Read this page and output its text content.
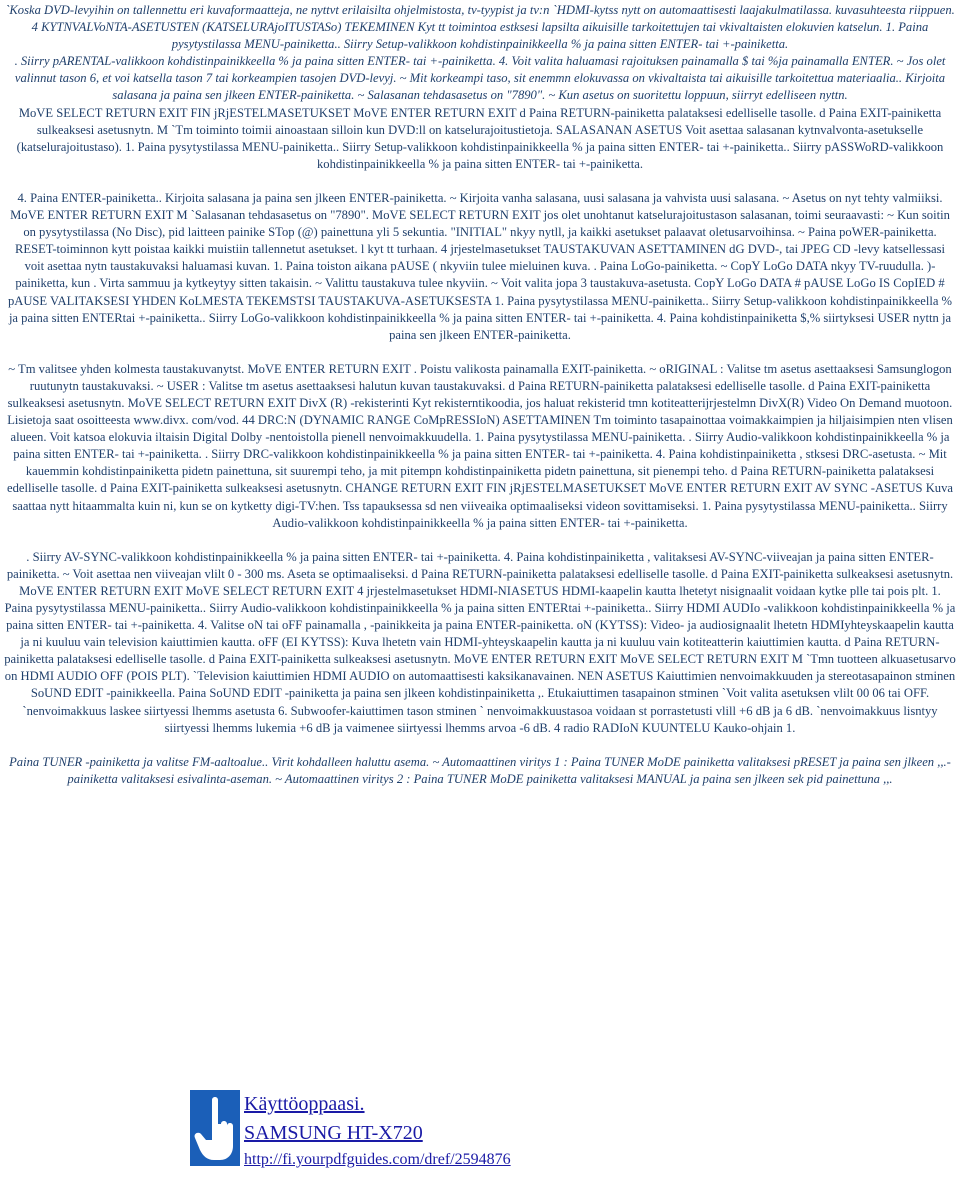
`Koska DVD-levyihin on tallennettu eri kuvaformaatteja, ne nyttvt erilaisilta ohjelmistosta, tv-tyypist ja tv:n `HDMI-kytss nytt on automaattisesti laajakulmatilassa. kuvasuhteesta riippuen. 4 KYTNVALVoNTA-ASETUSTEN (KATSELURAjoITUSTASo) TEKEMINEN Kyt tt toimintoa estksesi lapsilta aikuisille tarkoitettujen tai vkivaltaisten elokuvien katselun. 1. Paina pysytystilassa MENU-painiketta.. Siirry Setup-valikkoon kohdistinpainikkeella % ja paina sitten ENTER- tai +-painiketta.

. Siirry pARENTAL-valikkoon kohdistinpainikkeella % ja paina sitten ENTER- tai +-painiketta. 4. Voit valita haluamasi rajoituksen painamalla $ tai %ja painamalla ENTER. ~ Jos olet valinnut tason 6, et voi katsella tason 7 tai korkeampien tasojen DVD-levyj. ~ Mit korkeampi taso, sit enemmn elokuvassa on vkivaltaista tai aikuisille tarkoitettua materiaalia.. Kirjoita salasana ja paina sen jlkeen ENTER-painiketta. ~ Salasanan tehdasasetus on "7890". ~ Kun asetus on suoritettu loppuun, siirryt edelliseen nyttn.

MoVE SELECT RETURN EXIT FIN jRjESTELMASETUKSET MoVE ENTER RETURN EXIT d Paina RETURN-painiketta palataksesi edelliselle tasolle. d Paina EXIT-painiketta sulkeaksesi asetusnytn. M `Tm toiminto toimii ainoastaan silloin kun DVD:ll on katselurajoitustietoja. SALASANAN ASETUS Voit asettaa salasanan kytnvalvonta-asetukselle (katselurajoitustaso). 1. Paina pysytystilassa MENU-painiketta.. Siirry Setup-valikkoon kohdistinpainikkeella % ja paina sitten ENTER- tai +-painiketta.. Siirry pASSWoRD-valikkoon kohdistinpainikkeella % ja paina sitten ENTER- tai +-painiketta.

4. Paina ENTER-painiketta.. Kirjoita salasana ja paina sen jlkeen ENTER-painiketta. ~ Kirjoita vanha salasana, uusi salasana ja vahvista uusi salasana. ~ Asetus on nyt tehty valmiiksi. MoVE ENTER RETURN EXIT M `Salasanan tehdasasetus on "7890". MoVE SELECT RETURN EXIT jos olet unohtanut katselurajoitustason salasanan, toimi seuraavasti: ~ Kun soitin on pysytystilassa (No Disc), pid laitteen painike STop (@) painettuna yli 5 sekuntia. "INITIAL" nkyy nytll, ja kaikki asetukset palaavat oletusarvoihinsa. ~ Paina poWER-painiketta. RESET-toiminnon kytt poistaa kaikki muistiin tallennetut asetukset. l kyt tt turhaan. 4 jrjestelmasetukset TAUSTAKUVAN ASETTAMINEN dG DVD-, tai JPEG CD -levy katsellessasi voit asettaa nytn taustakuvaksi haluamasi kuvan. 1. Paina toiston aikana pAUSE ( nkyviin tulee mieluinen kuva. . Paina LoGo-painiketta. ~ CopY LoGo DATA nkyy TV-ruudulla. )-painiketta, kun . Virta sammuu ja kytkeytyy sitten takaisin. ~ Valittu taustakuva tulee nkyviin. ~ Voit valita jopa 3 taustakuva-asetusta. CopY LoGo DATA # pAUSE LoGo IS CopIED # pAUSE VALITAKSESI YHDEN KoLMESTA TEKEMSTSI TAUSTAKUVA-ASETUKSESTA 1. Paina pysytystilassa MENU-painiketta.. Siirry Setup-valikkoon kohdistinpainikkeella % ja paina sitten ENTERtai +-painiketta.. Siirry LoGo-valikkoon kohdistinpainikkeella % ja paina sitten ENTER- tai +-painiketta. 4. Paina kohdistinpainiketta $,% siirtyksesi USER nyttn ja paina sen jlkeen ENTER-painiketta.

~ Tm valitsee yhden kolmesta taustakuvanytst. MoVE ENTER RETURN EXIT . Poistu valikosta painamalla EXIT-painiketta. ~ oRIGINAL : Valitse tm asetus asettaaksesi Samsunglogon ruutunytn taustakuvaksi. ~ USER : Valitse tm asetus asettaaksesi halutun kuvan taustakuvaksi. d Paina RETURN-painiketta palataksesi edelliselle tasolle. d Paina EXIT-painiketta sulkeaksesi asetusnytn. MoVE SELECT RETURN EXIT DivX (R) -rekisterinti Kyt rekisterntikoodia, jos haluat rekisterid tmn kotiteatterijrjestelmn DivX(R) Video On Demand muotoon. Lisietoja saat osoitteesta www.divx. com/vod. 44 DRC:N (DYNAMIC RANGE CoMpRESSIoN) ASETTAMINEN Tm toiminto tasapainottaa voimakkaimpien ja hiljaisimpien nten vlisen alueen. Voit katsoa elokuvia iltaisin Digital Dolby -nentoistolla pienell nenvoimakkuudella. 1. Paina pysytystilassa MENU-painiketta. . Siirry Audio-valikkoon kohdistinpainikkeella % ja paina sitten ENTER- tai +-painiketta. . Siirry DRC-valikkoon kohdistinpainikkeella % ja paina sitten ENTER- tai +-painiketta. 4. Paina kohdistinpainiketta , stksesi DRC-asetusta. ~ Mit kauemmin kohdistinpainiketta pidetn painettuna, sit suurempi teho, ja mit pitempn kohdistinpainiketta pidetn painettuna, sit pienempi teho. d Paina RETURN-painiketta palataksesi edelliselle tasolle. d Paina EXIT-painiketta sulkeaksesi asetusnytn. CHANGE RETURN EXIT FIN jRjESTELMASETUKSET MoVE ENTER RETURN EXIT AV SYNC -ASETUS Kuva saattaa nytt hitaammalta kuin ni, kun se on kytketty digi-TV:hen. Tss tapauksessa sd nen viiveaika optimaaliseksi videon sovittamiseksi. 1. Paina pysytystilassa MENU-painiketta.. Siirry Audio-valikkoon kohdistinpainikkeella % ja paina sitten ENTER- tai +-painiketta.

. Siirry AV-SYNC-valikkoon kohdistinpainikkeella % ja paina sitten ENTER- tai +-painiketta. 4. Paina kohdistinpainiketta , valitaksesi AV-SYNC-viiveajan ja paina sitten ENTER-painiketta. ~ Voit asettaa nen viiveajan vlilt 0 - 300 ms. Aseta se optimaaliseksi. d Paina RETURN-painiketta palataksesi edelliselle tasolle. d Paina EXIT-painiketta sulkeaksesi asetusnytn. MoVE ENTER RETURN EXIT MoVE SELECT RETURN EXIT 4 jrjestelmasetukset HDMI-NIASETUS HDMI-kaapelin kautta lhetetyt nisignaalit voidaan kytke plle tai pois plt. 1. Paina pysytystilassa MENU-painiketta.. Siirry Audio-valikkoon kohdistinpainikkeella % ja paina sitten ENTERtai +-painiketta.. Siirry HDMI AUDIo -valikkoon kohdistinpainikkeella % ja paina sitten ENTER- tai +-painiketta. 4. Valitse oN tai oFF painamalla , -painikkeita ja paina ENTER-painiketta. oN (KYTSS): Video- ja audiosignaalit lhetetn HDMIyhteyskaapelin kautta ja ni kuuluu vain television kaiuttimien kautta. oFF (EI KYTSS): Kuva lhetetn vain HDMI-yhteyskaapelin kautta ja ni kuuluu vain kotiteatterin kaiuttimien kautta. d Paina RETURN-painiketta palataksesi edelliselle tasolle. d Paina EXIT-painiketta sulkeaksesi asetusnytn. MoVE ENTER RETURN EXIT MoVE SELECT RETURN EXIT M `Tmn tuotteen alkuasetusarvo on HDMI AUDIO OFF (POIS PLT). `Television kaiuttimien HDMI AUDIO on automaattisesti kaksikanavainen. NEN ASETUS Kaiuttimien nenvoimakkuuden ja stereotasapainon stminen SoUND EDIT -painikkeella. Paina SoUND EDIT -painiketta ja paina sen jlkeen kohdistinpainiketta ,. Etukaiuttimen tasapainon stminen `Voit valita asetuksen vlilt 00 06 tai OFF. `nenvoimakkuus laskee siirtyessi lhemms asetusta 6. Subwoofer-kaiuttimen tason stminen ` nenvoimakkuustasoa voidaan st porrastetusti vlill +6 dB ja 6 dB. `nenvoimakkuus lisntyy siirtyessi lhemms lukemia +6 dB ja vaimenee siirtyessi lhemms arvoa -6 dB. 4 radio RADIoN KUUNTELU Kauko-ohjain 1.

Paina TUNER -painiketta ja valitse FM-aaltoalue.. Virit kohdalleen haluttu asema. ~ Automaattinen viritys 1 : Paina TUNER MoDE painiketta valitaksesi pRESET ja paina sen jlkeen ,,.-painiketta valitaksesi esivalinta-aseman. ~ Automaattinen viritys 2 : Paina TUNER MoDE painiketta valitaksesi MANUAL ja paina sen jlkeen sek pid painettuna ,,.

Käyttöoppaasi.
SAMSUNG HT-X720
http://fi.yourpdfguides.com/dref/2594876
